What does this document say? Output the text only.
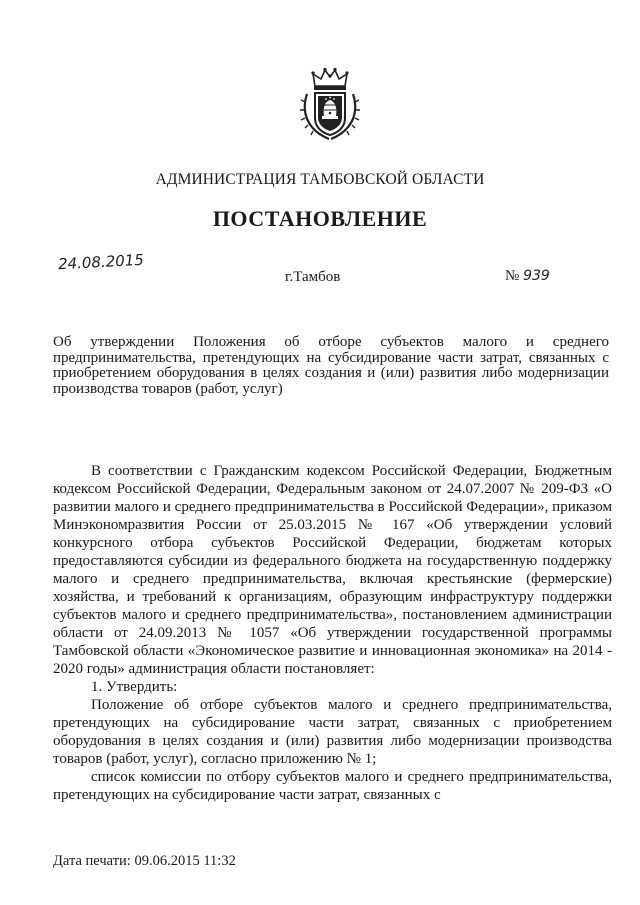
АДМИНИСТРАЦИЯ ТАМБОВСКОЙ ОБЛАСТИ
ПОСТАНОВЛЕНИЕ
24.08.2015
г.Тамбов	№ 939
Об утверждении Положения об отборе субъектов малого и среднего предпринимательства, претендующих на субсидирование части затрат, связанных с приобретением оборудования в целях создания и (или) развития либо модернизации производства товаров (работ, услуг)

В соответствии с Гражданским кодексом Российской Федерации, Бюджетным кодексом Российской Федерации, Федеральным законом от 24.07.2007 № 209-ФЗ «О развитии малого и среднего предпринимательства в Российской Федерации», приказом Минэкономразвития России от 25.03.2015 № 167 «Об утверждении условий конкурсного отбора субъектов Российской Федерации, бюджетам которых предоставляются субсидии из федерального бюджета на государственную поддержку малого и среднего предпринимательства, включая крестьянские (фермерские) хозяйства, и требований к организациям, образующим инфраструктуру поддержки субъектов малого и среднего предпринимательства», постановлением администрации области от 24.09.2013 № 1057 «Об утверждении государственной программы Тамбовской области «Экономическое развитие и инновационная экономика» на 2014 - 2020 годы» администрация области постановляет:

1. Утвердить:

Положение об отборе субъектов малого и среднего предпринимательства, претендующих на субсидирование части затрат, связанных с приобретением оборудования в целях создания и (или) развития либо модернизации производства товаров (работ, услуг), согласно приложению № 1;

список комиссии по отбору субъектов малого и среднего предпринимательства, претендующих на субсидирование части затрат, связанных с

Дата печати: 09.06.2015 11:32
